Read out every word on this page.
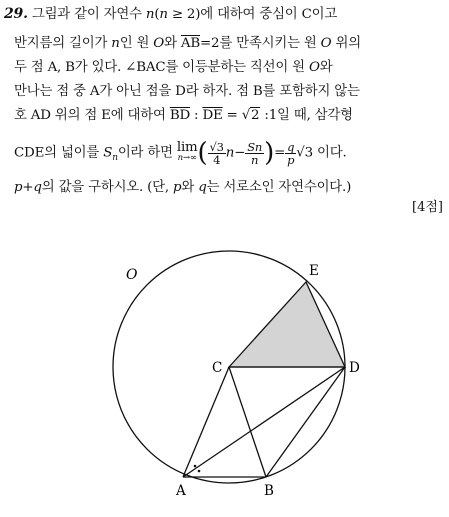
29. 그림과 같이 자연수 n(n ≥ 2)에 대하여 중심이 C이고
반지름의 길이가 n인 원 O와 $\overline{AB}=2$를 만족시키는 원 O 위의
두 점 A, B가 있다. ∠BAC를 이등분하는 직선이 원 O와
만나는 점 중 A가 아닌 점을 D라 하자. 점 B를 포함하지 않는
호 AD 위의 점 E에 대하여 $\overline{BD}$ : $\overline{DE} = √2$ :1일 때, 삼각형
CDE의 넓이를 $S_n$이라 하면 lim
n→∞ ( $\frac{√3}{4} n- \frac{Sn}{n}$ )= $\frac{q}{p} √3$ 이다.
p+q의 값을 구하시오. (단, p와 q는 서로소인 자연수이다.)
[4점]
O	E
C	D
A	B
